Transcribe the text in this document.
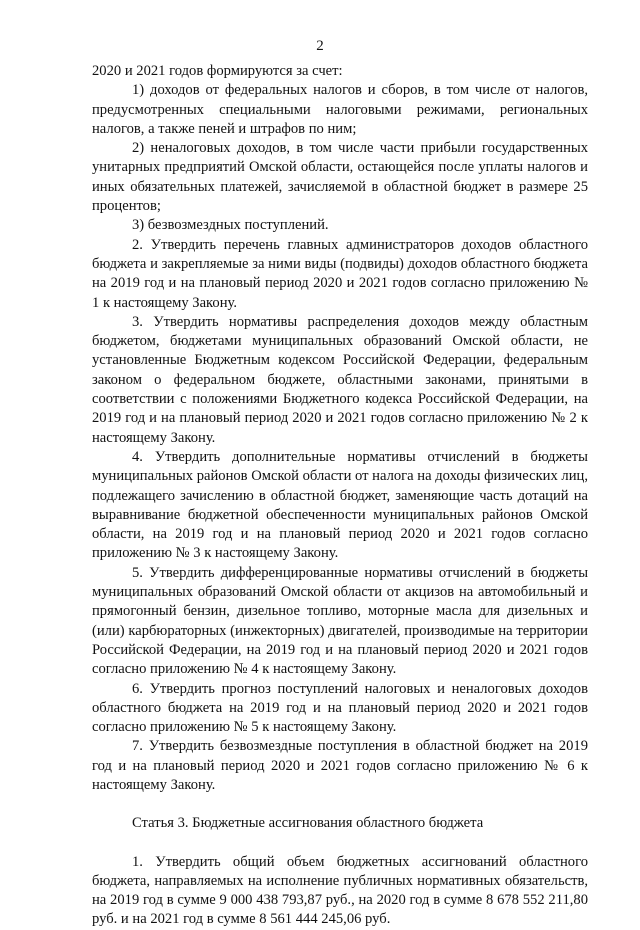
2

2020 и 2021 годов формируются за счет:

1) доходов от федеральных налогов и сборов, в том числе от налогов, предусмотренных специальными налоговыми режимами, региональных налогов, а также пеней и штрафов по ним;

2) неналоговых доходов, в том числе части прибыли государственных унитарных предприятий Омской области, остающейся после уплаты налогов и иных обязательных платежей, зачисляемой в областной бюджет в размере 25 процентов;

3) безвозмездных поступлений.

2. Утвердить перечень главных администраторов доходов областного бюджета и закрепляемые за ними виды (подвиды) доходов областного бюджета на 2019 год и на плановый период 2020 и 2021 годов согласно приложению № 1 к настоящему Закону.

3. Утвердить нормативы распределения доходов между областным бюджетом, бюджетами муниципальных образований Омской области, не установленные Бюджетным кодексом Российской Федерации, федеральным законом о федеральном бюджете, областными законами, принятыми в соответствии с положениями Бюджетного кодекса Российской Федерации, на 2019 год и на плановый период 2020 и 2021 годов согласно приложению № 2 к настоящему Закону.

4. Утвердить дополнительные нормативы отчислений в бюджеты муниципальных районов Омской области от налога на доходы физических лиц, подлежащего зачислению в областной бюджет, заменяющие часть дотаций на выравнивание бюджетной обеспеченности муниципальных районов Омской области, на 2019 год и на плановый период 2020 и 2021 годов согласно приложению № 3 к настоящему Закону.

5. Утвердить дифференцированные нормативы отчислений в бюджеты муниципальных образований Омской области от акцизов на автомобильный и прямогонный бензин, дизельное топливо, моторные масла для дизельных и (или) карбюраторных (инжекторных) двигателей, производимые на территории Российской Федерации, на 2019 год и на плановый период 2020 и 2021 годов согласно приложению № 4 к настоящему Закону.

6. Утвердить прогноз поступлений налоговых и неналоговых доходов областного бюджета на 2019 год и на плановый период 2020 и 2021 годов согласно приложению № 5 к настоящему Закону.

7. Утвердить безвозмездные поступления в областной бюджет на 2019 год и на плановый период 2020 и 2021 годов согласно приложению № 6 к настоящему Закону.

Статья 3. Бюджетные ассигнования областного бюджета

1. Утвердить общий объем бюджетных ассигнований областного бюджета, направляемых на исполнение публичных нормативных обязательств, на 2019 год в сумме 9 000 438 793,87 руб., на 2020 год в сумме 8 678 552 211,80 руб. и на 2021 год в сумме 8 561 444 245,06 руб.
